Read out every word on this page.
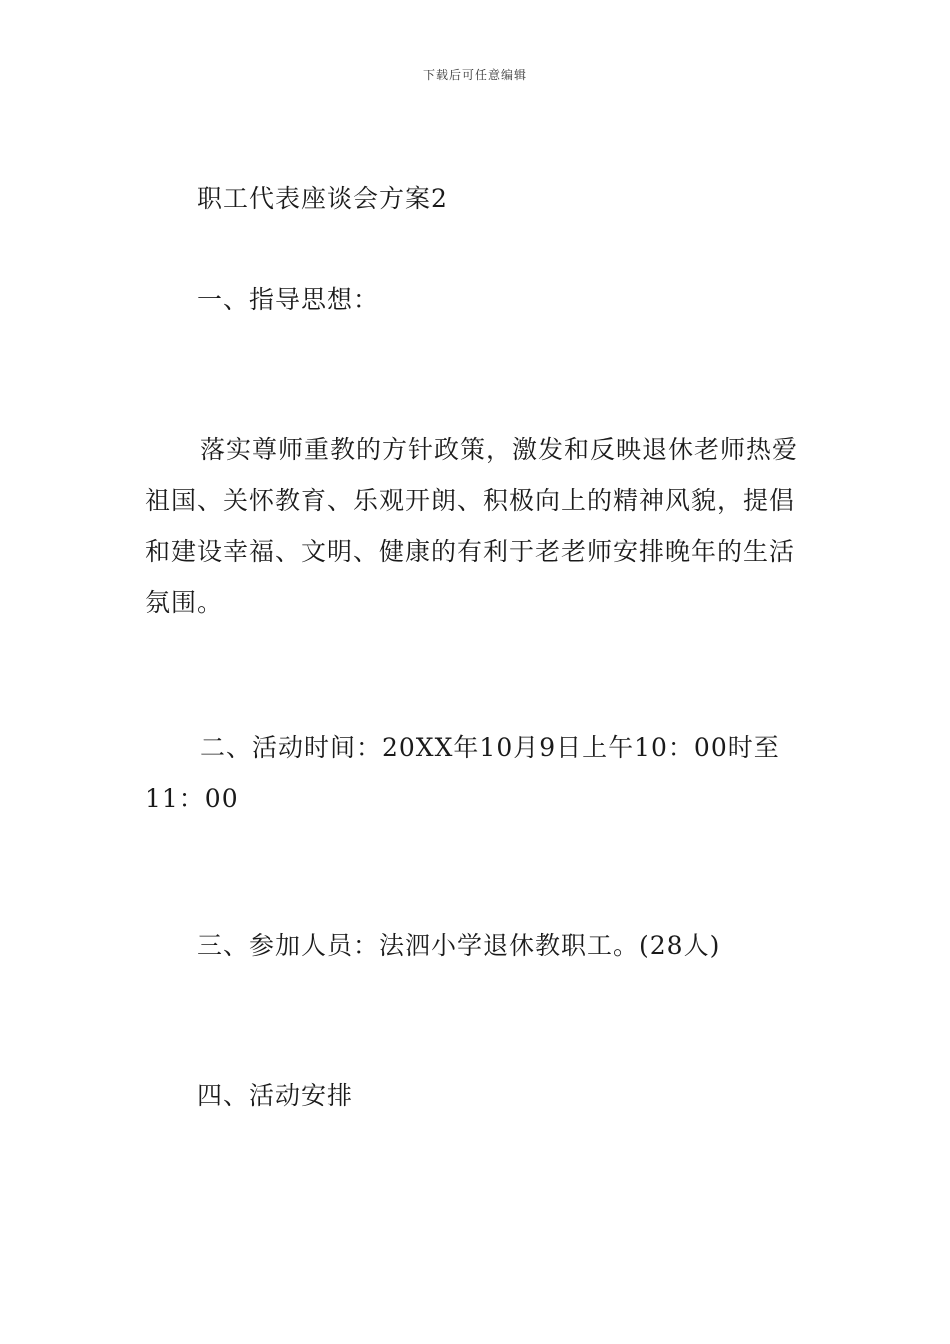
下载后可任意编辑
职工代表座谈会方案2
一、指导思想：
落实尊师重教的方针政策，激发和反映退休老师热爱
祖国、关怀教育、乐观开朗、积极向上的精神风貌，提倡
和建设幸福、文明、健康的有利于老老师安排晚年的生活
氛围。
二、活动时间：20XX年10月9日上午10：00时至
11：00
三、参加人员：法泗小学退休教职工。(28人)
四、活动安排
